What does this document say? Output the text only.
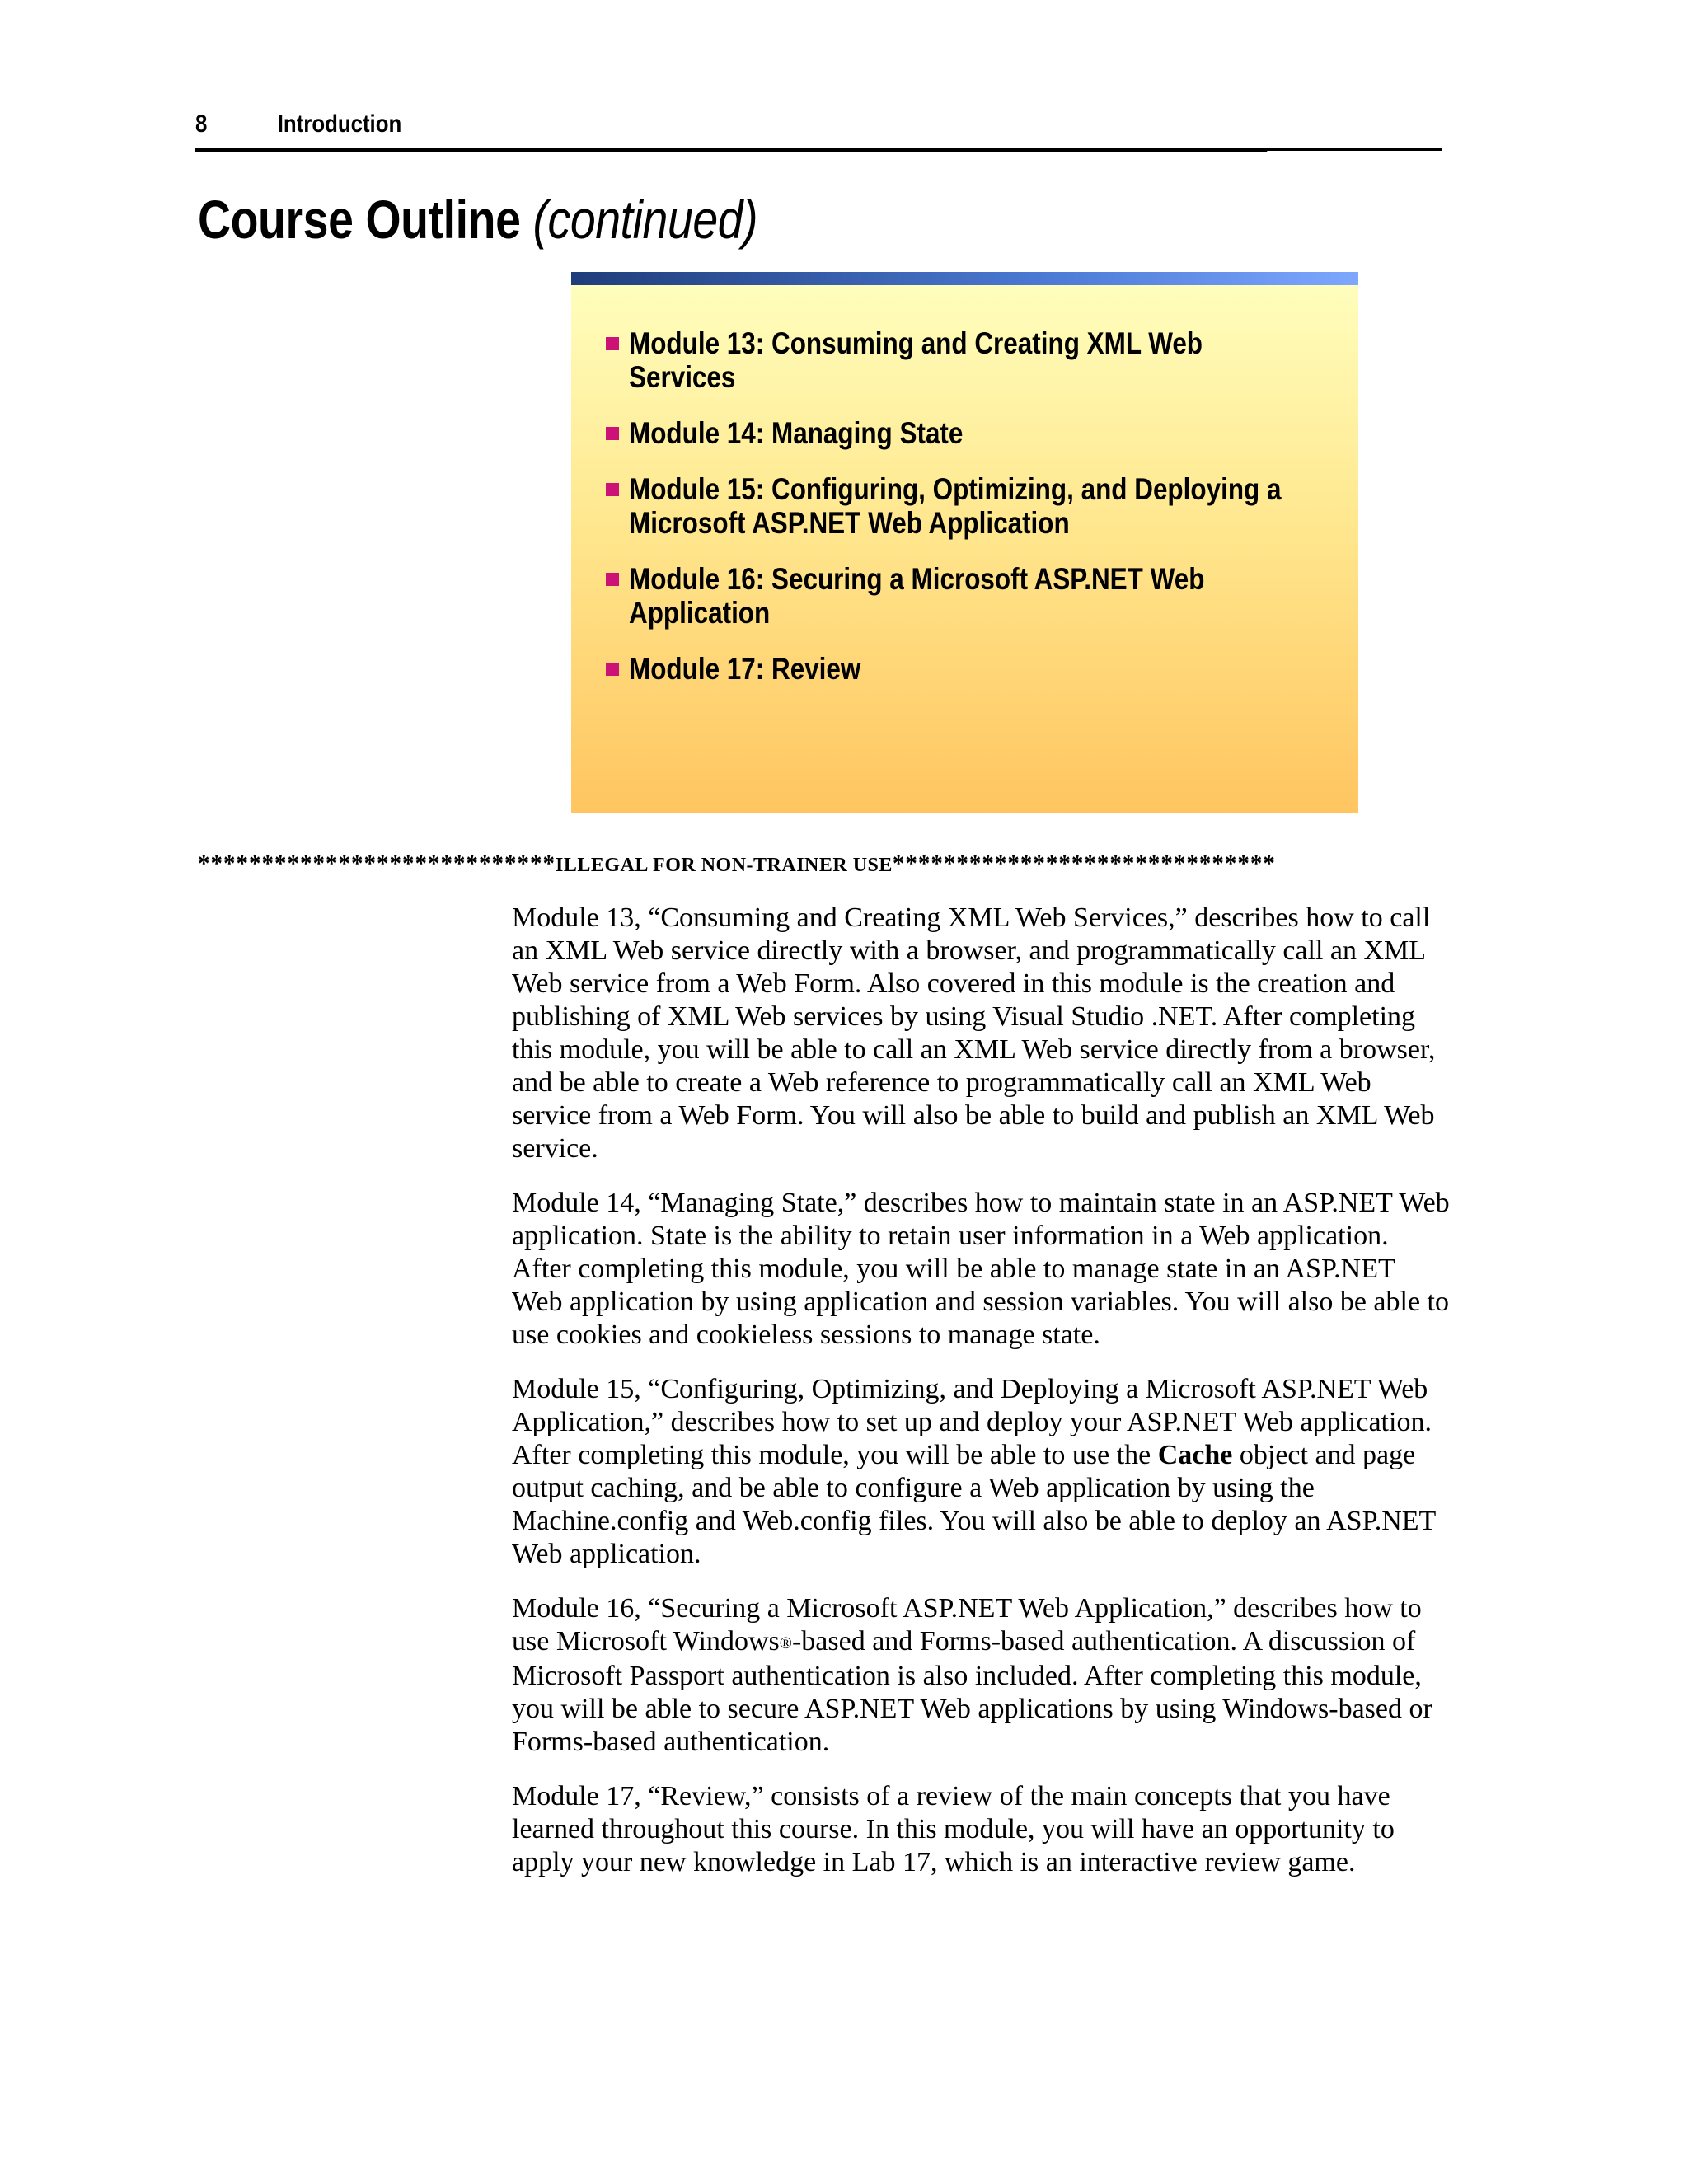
8	Introduction
Course Outline (continued)
Module 13: Consuming and Creating XML Web Services
Module 14: Managing State
Module 15: Configuring, Optimizing, and Deploying a Microsoft ASP.NET Web Application
Module 16: Securing a Microsoft ASP.NET Web Application
Module 17: Review
****************************ILLEGAL FOR NON-TRAINER USE******************************

Module 13, “Consuming and Creating XML Web Services,” describes how to call an XML Web service directly with a browser, and programmatically call an XML Web service from a Web Form. Also covered in this module is the creation and publishing of XML Web services by using Visual Studio .NET. After completing this module, you will be able to call an XML Web service directly from a browser, and be able to create a Web reference to programmatically call an XML Web service from a Web Form. You will also be able to build and publish an XML Web service.

Module 14, “Managing State,” describes how to maintain state in an ASP.NET Web application. State is the ability to retain user information in a Web application. After completing this module, you will be able to manage state in an ASP.NET Web application by using application and session variables. You will also be able to use cookies and cookieless sessions to manage state.

Module 15, “Configuring, Optimizing, and Deploying a Microsoft ASP.NET Web Application,” describes how to set up and deploy your ASP.NET Web application. After completing this module, you will be able to use the Cache object and page output caching, and be able to configure a Web application by using the Machine.config and Web.config files. You will also be able to deploy an ASP.NET Web application.

Module 16, “Securing a Microsoft ASP.NET Web Application,” describes how to use Microsoft Windows®-based and Forms-based authentication. A discussion of Microsoft Passport authentication is also included. After completing this module, you will be able to secure ASP.NET Web applications by using Windows-based or Forms-based authentication.

Module 17, “Review,” consists of a review of the main concepts that you have learned throughout this course. In this module, you will have an opportunity to apply your new knowledge in Lab 17, which is an interactive review game.
